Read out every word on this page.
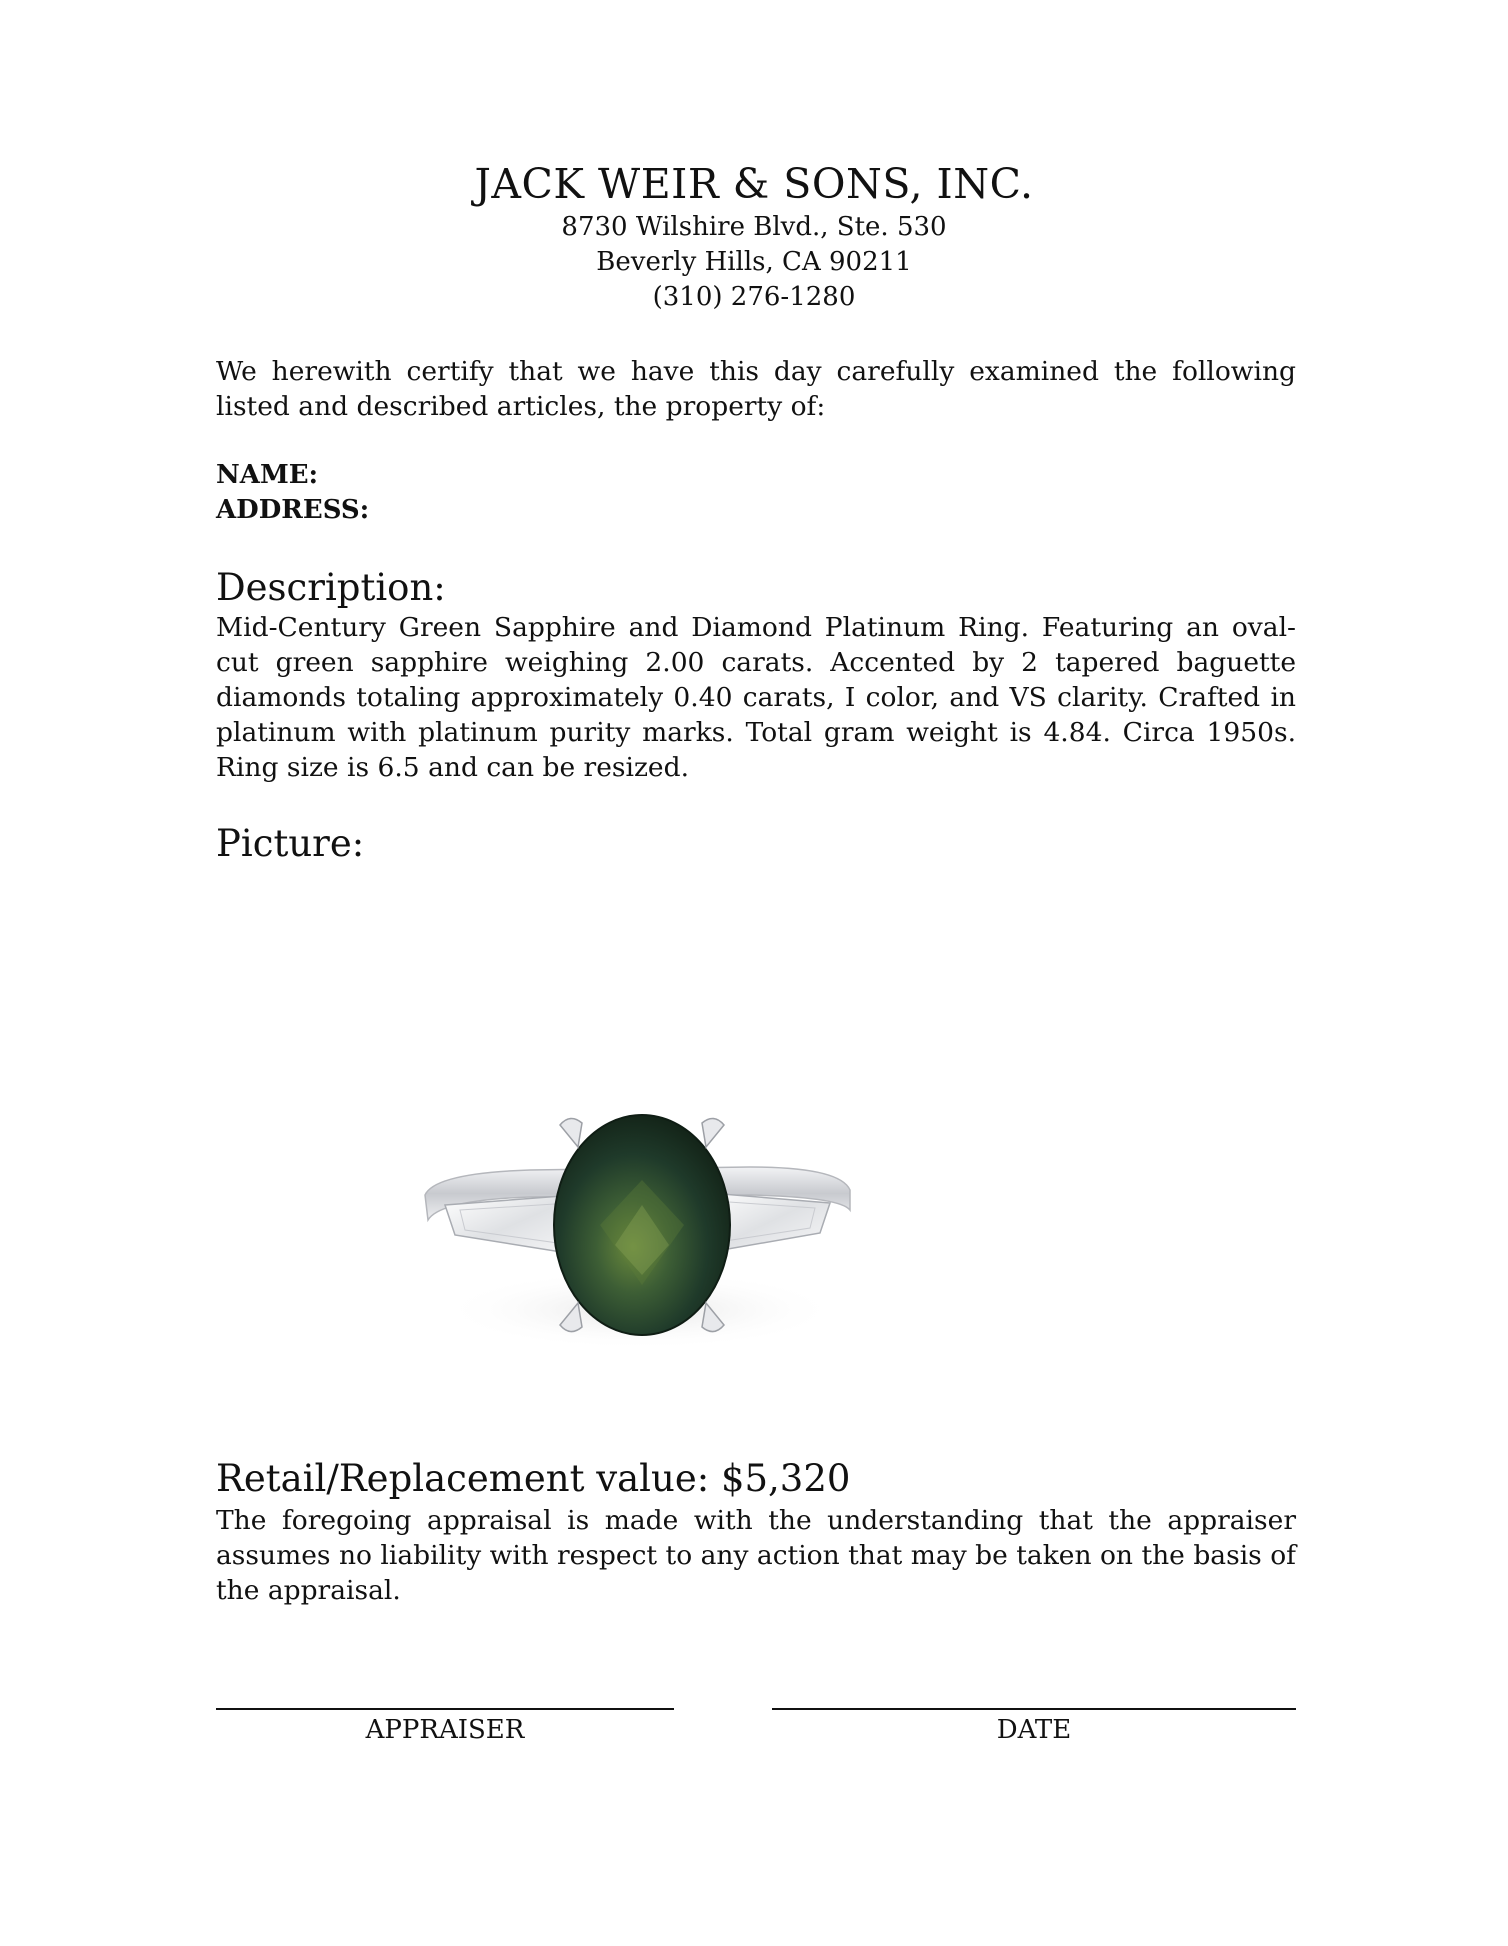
JACK WEIR & SONS, INC.
8730 Wilshire Blvd., Ste. 530
Beverly Hills, CA 90211
(310) 276-1280

We herewith certify that we have this day carefully examined the following listed and described articles, the property of:

NAME:
ADDRESS:
Description:

Mid-Century Green Sapphire and Diamond Platinum Ring. Featuring an oval-cut green sapphire weighing 2.00 carats. Accented by 2 tapered baguette diamonds totaling approximately 0.40 carats, I color, and VS clarity. Crafted in platinum with platinum purity marks. Total gram weight is 4.84. Circa 1950s. Ring size is 6.5 and can be resized.

Picture:
Retail/Replacement value: $5,320

The foregoing appraisal is made with the understanding that the appraiser assumes no liability with respect to any action that may be taken on the basis of the appraisal.

APPRAISER	DATE
